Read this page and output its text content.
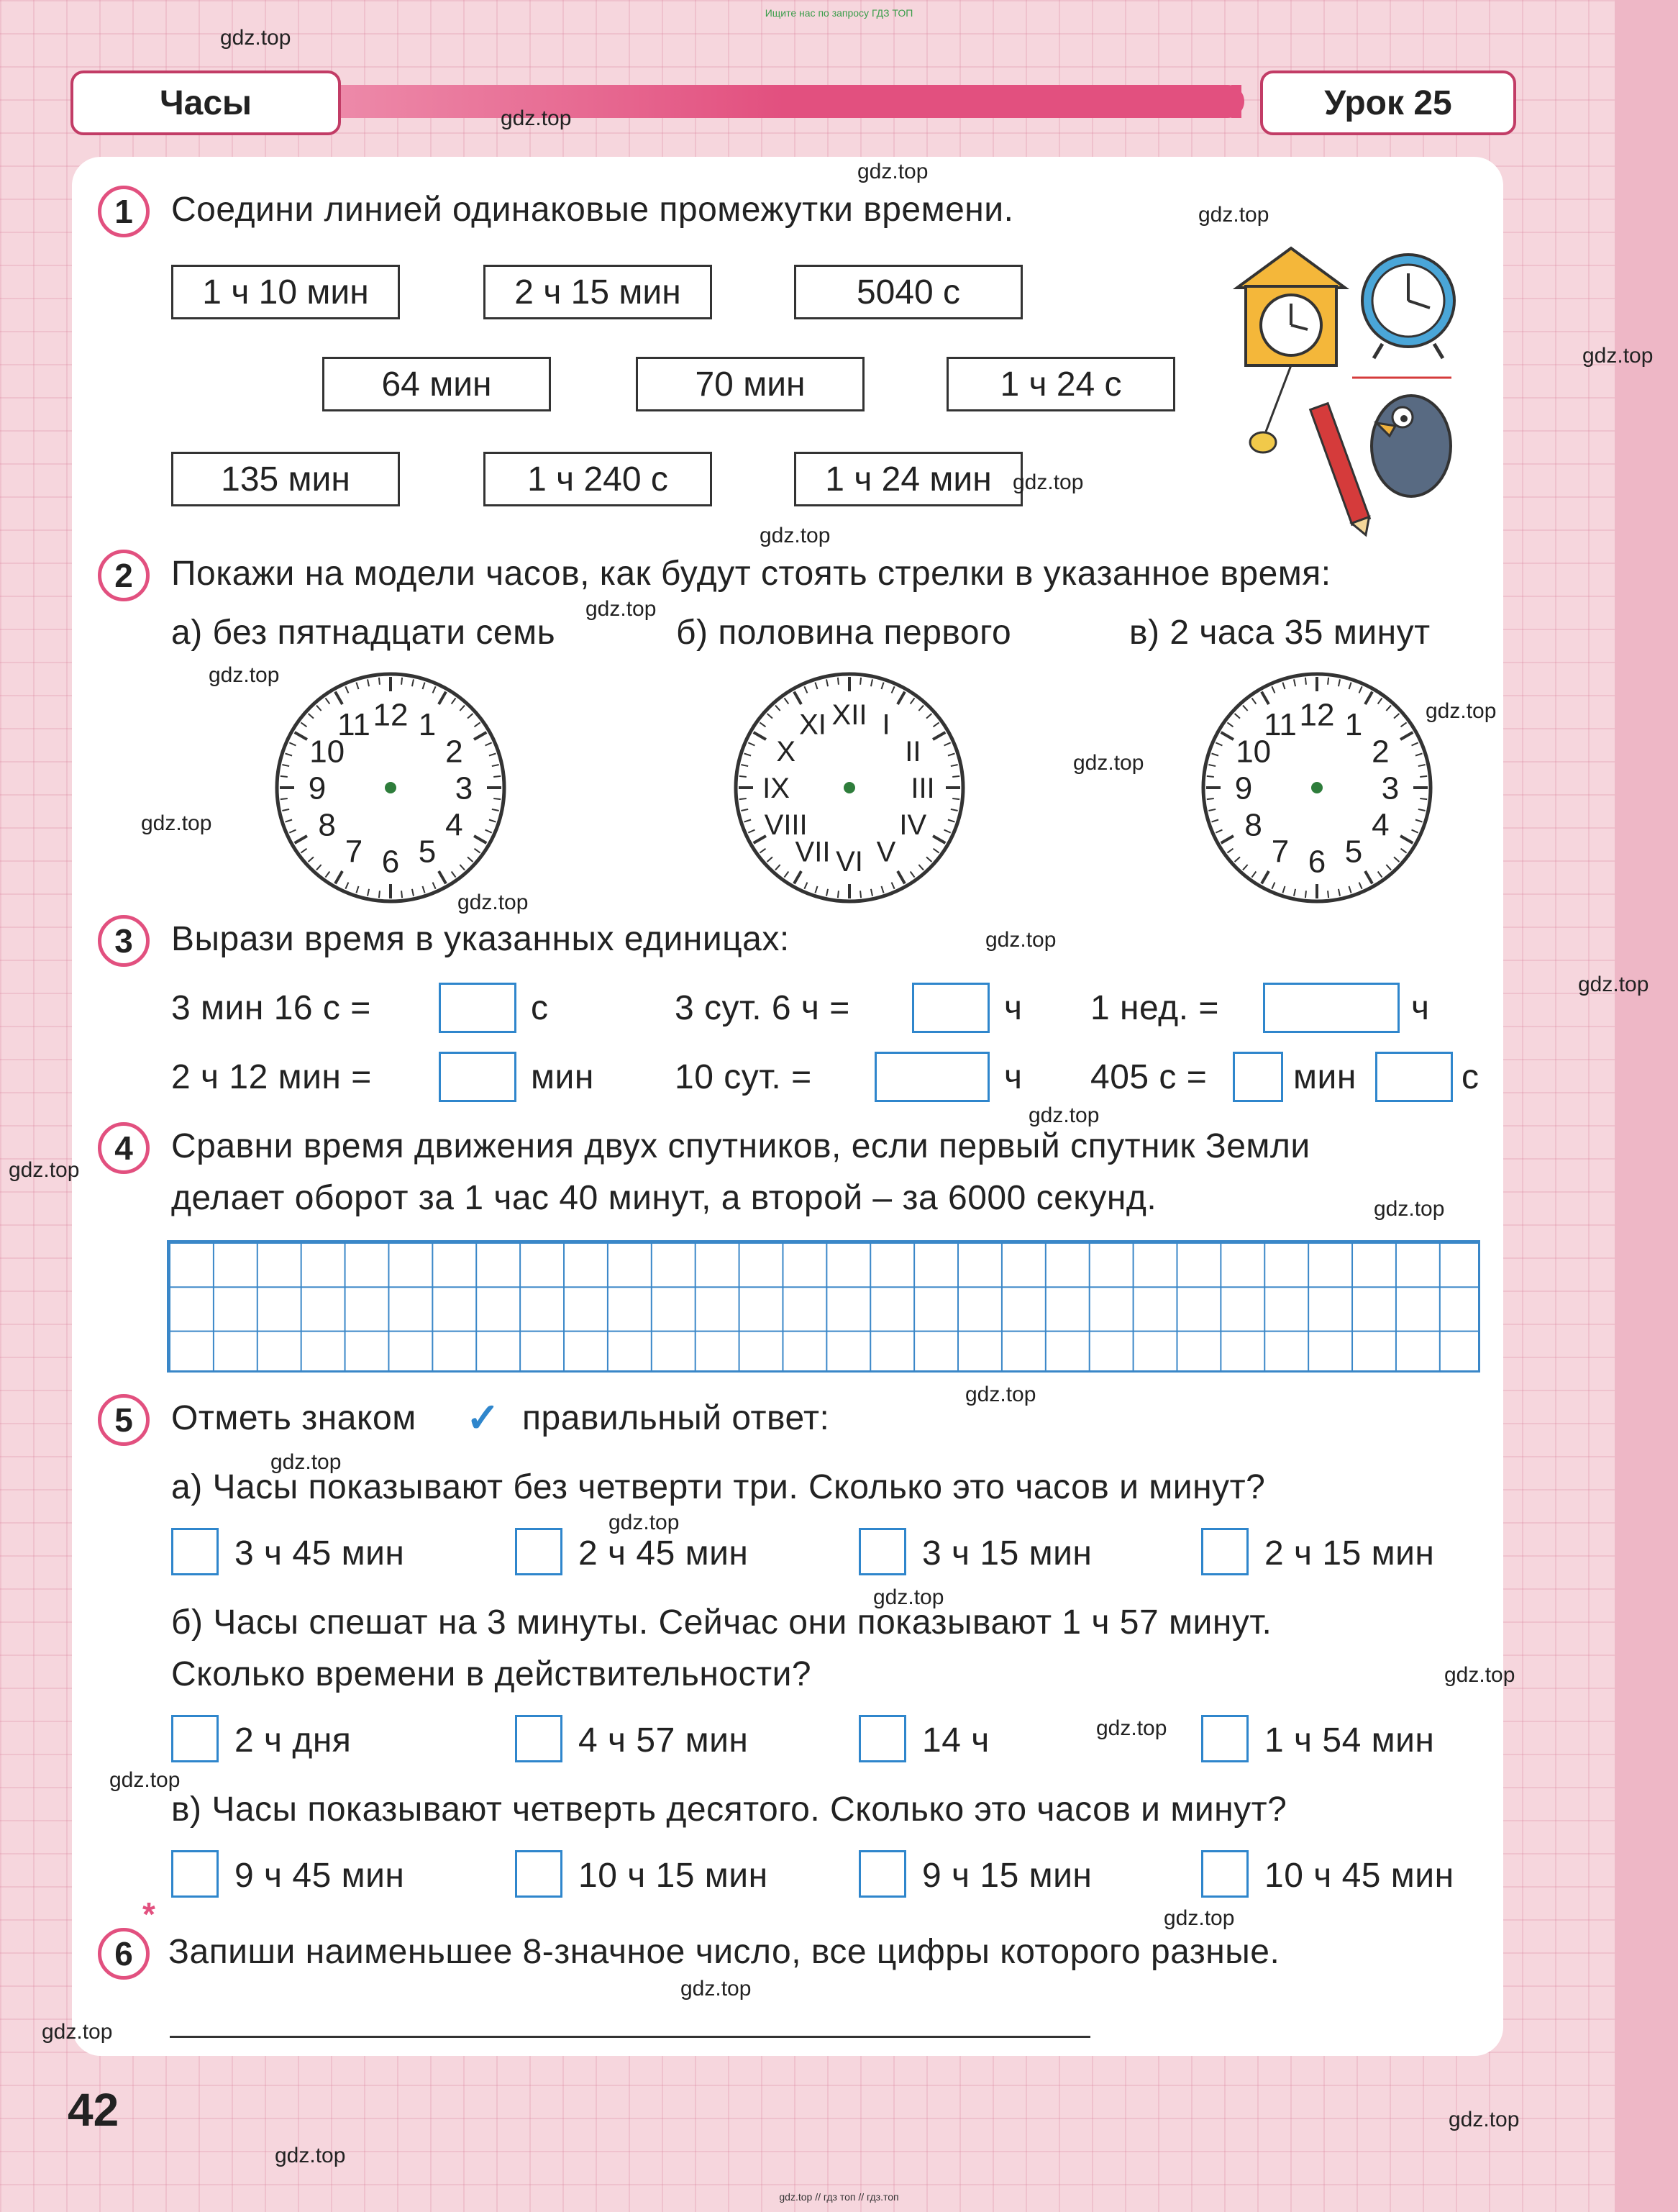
Ищите нас по запросу ГДЗ ТОП
Часы	Урок 25
1	Соедини линией одинаковые промежутки времени.
1 ч 10 мин	2 ч 15 мин	5040 с
64 мин	70 мин	1 ч 24 с
135 мин	1 ч 240 с	1 ч 24 мин
2	Покажи на модели часов, как будут стоять стрелки в указанное время:
а) без пятнадцати семь	б) половина первого	в) 2 часа 35 минут
12 1
2
3
4
5
6
7
8
9
10
11	XII I
II
III
IV
V
VI
VII
VIII
IX
X
XI	12 1
2
3
4
5
6
7
8
9
10
11
3	Вырази время в указанных единицах:
3 мин 16 с =	с	3 сут. 6 ч =	ч 1 нед. =	ч
2 ч 12 мин =	мин 10 сут. =	ч 405 с = мин	с
4	Сравни время движения двух спутников, если первый спутник Земли
делает оборот за 1 час 40 минут, а второй – за 6000 секунд.
5	Отметь знаком ✓ правильный ответ:
а) Часы показывают без четверти три. Сколько это часов и минут?
3 ч 45 мин	2 ч 45 мин	3 ч 15 мин	2 ч 15 мин
б) Часы спешат на 3 минуты. Сейчас они показывают 1 ч 57 минут.
Сколько времени в действительности?
2 ч дня	4 ч 57 мин	14 ч	1 ч 54 мин
в) Часы показывают четверть десятого. Сколько это часов и минут?
9 ч 45 мин	10 ч 15 мин	9 ч 15 мин	10 ч 45 мин
*
6	Запиши наименьшее 8-значное число, все цифры которого разные.
42
gdz.top
gdz.top
gdz.top
gdz.top
gdz.top
gdz.top
gdz.top
gdz.top
gdz.top
gdz.top
gdz.top
gdz.top
gdz.top
gdz.top
gdz.top
gdz.top
gdz.top
gdz.top
gdz.top
gdz.top
gdz.top
gdz.top
gdz.top
gdz.top
gdz.top
gdz.top
gdz.top
gdz.top
gdz.top
gdz.top
gdz.top // гдз топ // гдз.топ
